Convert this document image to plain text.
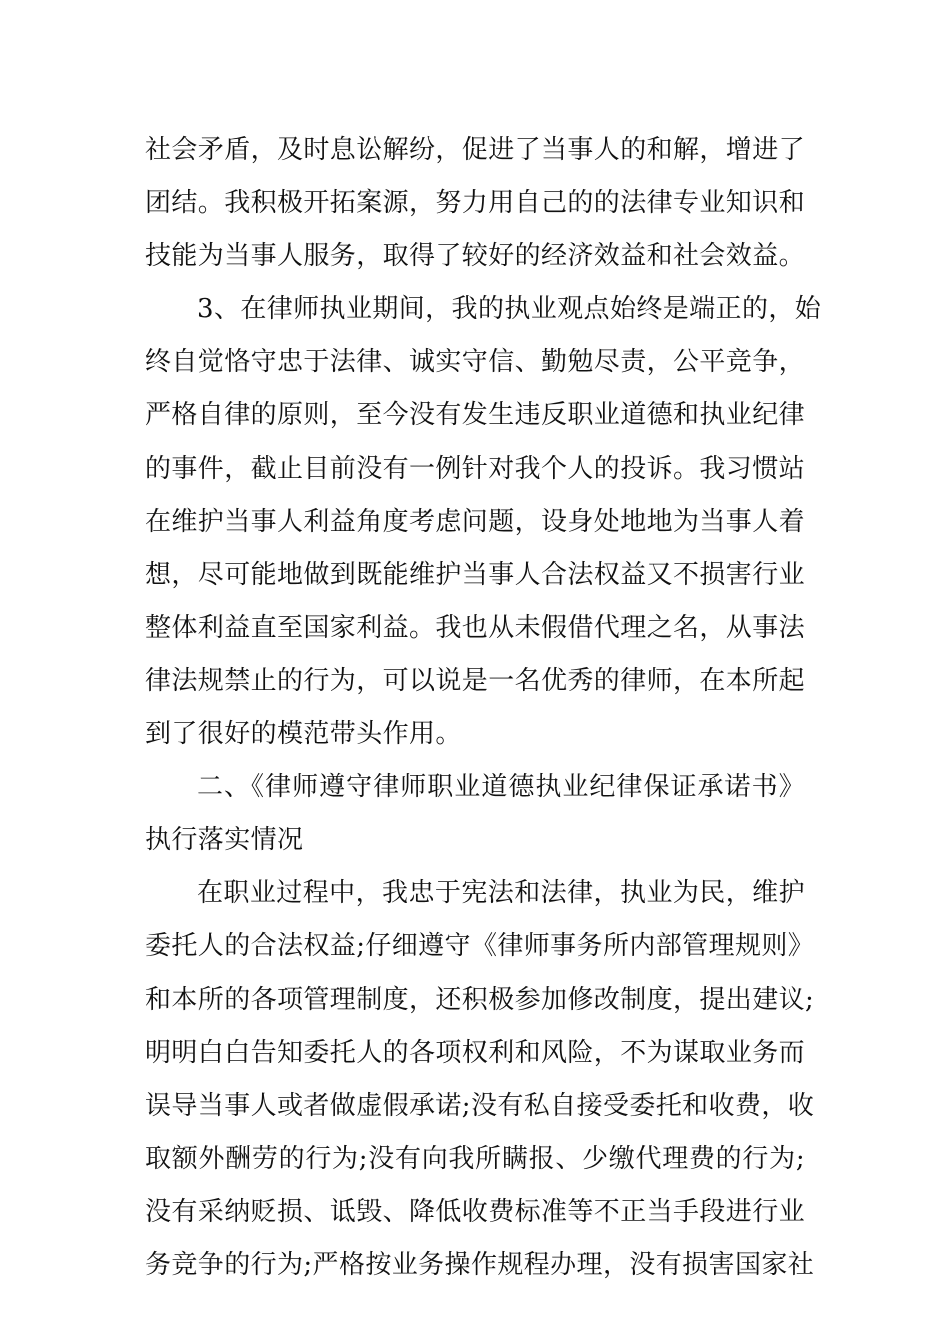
社会矛盾，及时息讼解纷，促进了当事人的和解，增进了
团结。我积极开拓案源，努力用自己的的法律专业知识和
技能为当事人服务，取得了较好的经济效益和社会效益。
3、在律师执业期间，我的执业观点始终是端正的，始
终自觉恪守忠于法律、诚实守信、勤勉尽责，公平竞争，
严格自律的原则，至今没有发生违反职业道德和执业纪律
的事件，截止目前没有一例针对我个人的投诉。我习惯站
在维护当事人利益角度考虑问题，设身处地地为当事人着
想，尽可能地做到既能维护当事人合法权益又不损害行业
整体利益直至国家利益。我也从未假借代理之名，从事法
律法规禁止的行为，可以说是一名优秀的律师，在本所起
到了很好的模范带头作用。
二、《律师遵守律师职业道德执业纪律保证承诺书》
执行落实情况
在职业过程中，我忠于宪法和法律，执业为民，维护
委托人的合法权益;仔细遵守《律师事务所内部管理规则》
和本所的各项管理制度，还积极参加修改制度，提出建议;
明明白白告知委托人的各项权利和风险，不为谋取业务而
误导当事人或者做虚假承诺;没有私自接受委托和收费，收
取额外酬劳的行为;没有向我所瞒报、少缴代理费的行为;
没有采纳贬损、诋毁、降低收费标准等不正当手段进行业
务竞争的行为;严格按业务操作规程办理，没有损害国家社
